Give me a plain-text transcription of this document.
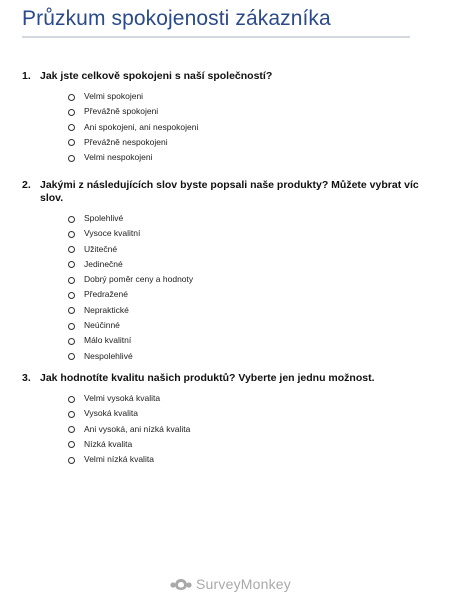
Průzkum spokojenosti zákazníka
1. Jak jste celkově spokojeni s naší společností?
Velmi spokojeni
Převážně spokojeni
Ani spokojeni, ani nespokojeni
Převážně nespokojeni
Velmi nespokojeni
2. Jakými z následujících slov byste popsali naše produkty? Můžete vybrat víc slov.
Spolehlivé
Vysoce kvalitní
Užitečné
Jedinečné
Dobrý poměr ceny a hodnoty
Předražené
Nepraktické
Neúčinné
Málo kvalitní
Nespolehlivé
3. Jak hodnotíte kvalitu našich produktů? Vyberte jen jednu možnost.
Velmi vysoká kvalita
Vysoká kvalita
Ani vysoká, ani nízká kvalita
Nízká kvalita
Velmi nízká kvalita
SurveyMonkey
